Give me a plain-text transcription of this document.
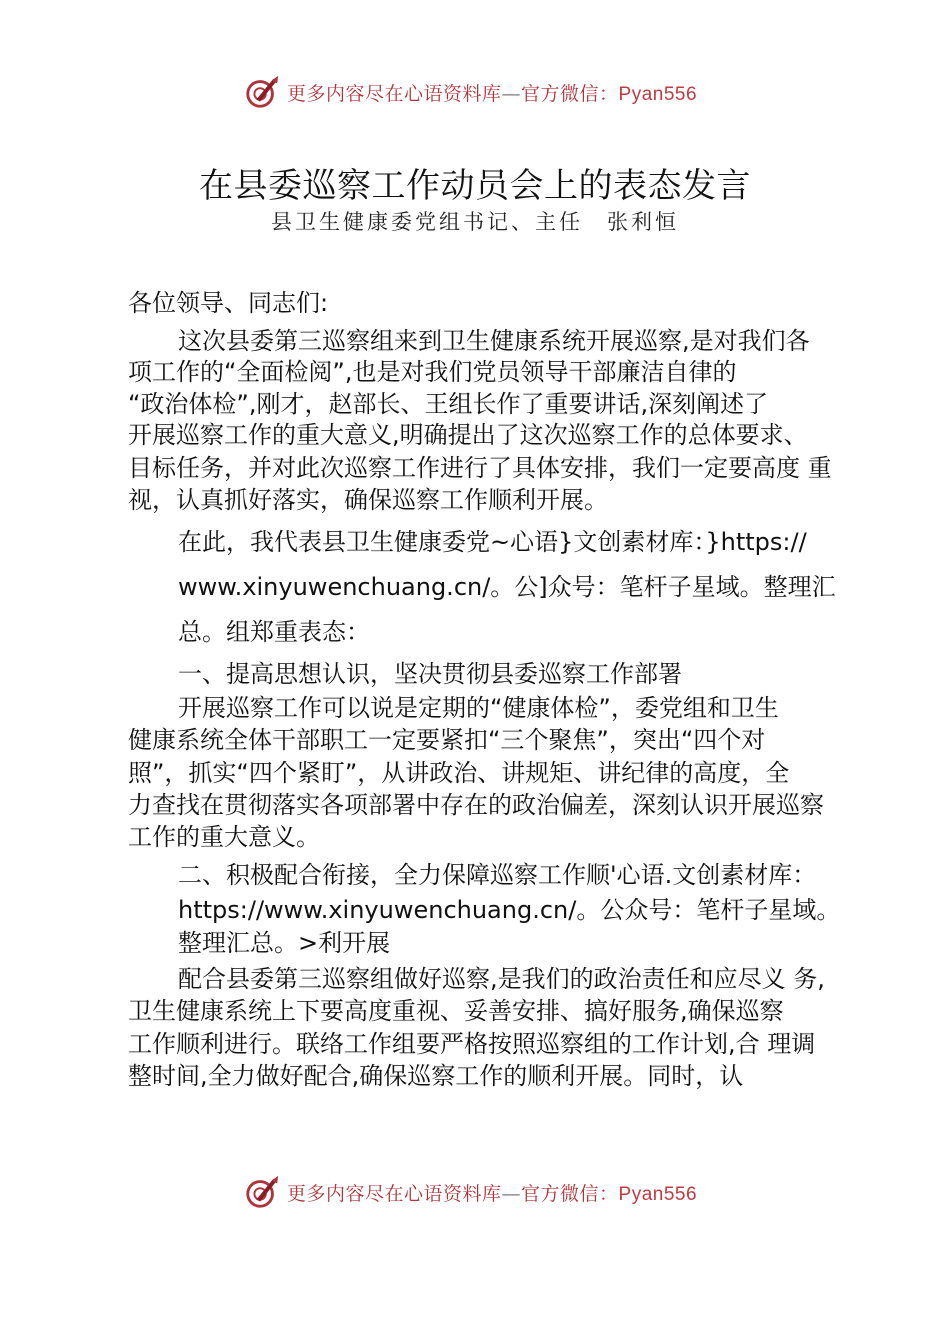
更多内容尽在心语资料库—官方微信：Pyan556
在县委巡察工作动员会上的表态发言
县卫生健康委党组书记、主任　张利恒
各位领导、同志们:
这次县委第三巡察组来到卫生健康系统开展巡察,是对我们各
项工作的“全面检阅”,也是对我们党员领导干部廉洁自律的
“政治体检”,刚才，赵部长、王组长作了重要讲话,深刻阐述了
开展巡察工作的重大意义,明确提出了这次巡察工作的总体要求、
目标任务，并对此次巡察工作进行了具体安排，我们一定要高度 重
视，认真抓好落实，确保巡察工作顺利开展。
在此，我代表县卫生健康委党~心语}文创素材库：}https://
www.xinyuwenchuang.cn/。公]众号：笔杆子星域。整理汇
总。组郑重表态：
一、提高思想认识，坚决贯彻县委巡察工作部署
开展巡察工作可以说是定期的“健康体检”，委党组和卫生
健康系统全体干部职工一定要紧扣“三个聚焦”，突出“四个对
照”，抓实“四个紧盯”，从讲政治、讲规矩、讲纪律的高度，全
力查找在贯彻落实各项部署中存在的政治偏差，深刻认识开展巡察
工作的重大意义。
二、积极配合衔接，全力保障巡察工作顺'心语.文创素材库：
https://www.xinyuwenchuang.cn/。公众号：笔杆子星域。
整理汇总。>利开展
配合县委第三巡察组做好巡察,是我们的政治责任和应尽义 务,
卫生健康系统上下要高度重视、妥善安排、搞好服务,确保巡察
工作顺利进行。联络工作组要严格按照巡察组的工作计划,合 理调
整时间,全力做好配合,确保巡察工作的顺利开展。同时，认
更多内容尽在心语资料库—官方微信：Pyan556
